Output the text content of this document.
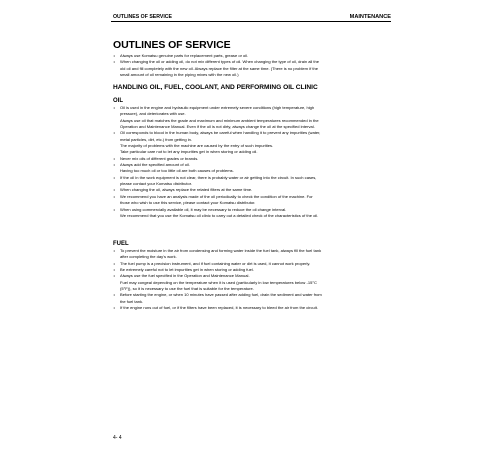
OUTLINES OF SERVICE	MAINTENANCE
OUTLINES OF SERVICE
• Always use Komatsu genuine parts for replacement parts, grease or oil.

• When changing the oil or adding oil, do not mix different types of oil. When changing the type of oil, drain all the

old oil and fill completely with the new oil. Always replace the filter at the same time. (There is no problem if the

small amount of oil remaining in the piping mixes with the new oil.)

HANDLING OIL, FUEL, COOLANT, AND PERFORMING OIL CLINIC
OIL
• Oil is used in the engine and hydraulic equipment under extremely severe conditions (high temperature, high

pressure), and deteriorates with use.

Always use oil that matches the grade and maximum and minimum ambient temperatures recommended in the

Operation and Maintenance Manual. Even if the oil is not dirty, always change the oil at the specified interval.

• Oil corresponds to blood in the human body, always be careful when handling it to prevent any impurities (water,

metal particles, dirt, etc.) from getting in.

The majority of problems with the machine are caused by the entry of such impurities.

Take particular care not to let any impurities get in when storing or adding oil.

• Never mix oils of different grades or brands.

• Always add the specified amount of oil.

Having too much oil or too little oil are both causes of problems.

• If the oil in the work equipment is not clear, there is probably water or air getting into the circuit. In such cases,

please contact your Komatsu distributor.

• When changing the oil, always replace the related filters at the same time.

• We recommend you have an analysis made of the oil periodically to check the condition of the machine. For

those who wish to use this service, please contact your Komatsu distributor.

• When using commercially available oil, it may be necessary to reduce the oil change interval.

We recommend that you use the Komatsu oil clinic to carry out a detailed check of the characteristics of the oil.

FUEL
• To prevent the moisture in the air from condensing and forming water inside the fuel tank, always fill the fuel tank

after completing the day's work.

• The fuel pump is a precision instrument, and if fuel containing water or dirt is used, it cannot work properly.

• Be extremely careful not to let impurities get in when storing or adding fuel.

• Always use the fuel specified in the Operation and Maintenance Manual.

Fuel may congeal depending on the temperature when it is used (particularly in low temperatures below -15°C

(5°F)), so it is necessary to use the fuel that is suitable for the temperature.

• Before starting the engine, or when 10 minutes have passed after adding fuel, drain the sediment and water from

the fuel tank.

• If the engine runs out of fuel, or if the filters have been replaced, it is necessary to bleed the air from the circuit.

4- 4
